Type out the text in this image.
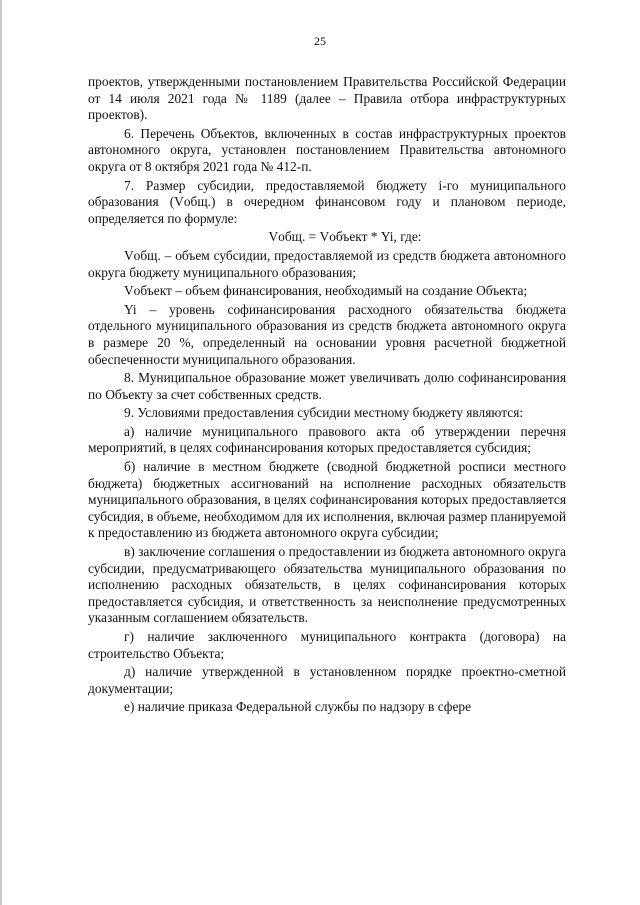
25

проектов, утвержденными постановлением Правительства Российской Федерации от 14 июля 2021 года № 1189 (далее – Правила отбора инфраструктурных проектов).

6. Перечень Объектов, включенных в состав инфраструктурных проектов автономного округа, установлен постановлением Правительства автономного округа от 8 октября 2021 года № 412-п.

7. Размер субсидии, предоставляемой бюджету i-го муниципального образования (Vобщ.) в очередном финансовом году и плановом периоде, определяется по формуле:

Vобщ. = Vобъект * Yi, где:

Vобщ. – объем субсидии, предоставляемой из средств бюджета автономного округа бюджету муниципального образования;

Vобъект – объем финансирования, необходимый на создание Объекта;

Yi – уровень софинансирования расходного обязательства бюджета отдельного муниципального образования из средств бюджета автономного округа в размере 20 %, определенный на основании уровня расчетной бюджетной обеспеченности муниципального образования.

8. Муниципальное образование может увеличивать долю софинансирования по Объекту за счет собственных средств.

9. Условиями предоставления субсидии местному бюджету являются:

а) наличие муниципального правового акта об утверждении перечня мероприятий, в целях софинансирования которых предоставляется субсидия;

б) наличие в местном бюджете (сводной бюджетной росписи местного бюджета) бюджетных ассигнований на исполнение расходных обязательств муниципального образования, в целях софинансирования которых предоставляется субсидия, в объеме, необходимом для их исполнения, включая размер планируемой к предоставлению из бюджета автономного округа субсидии;

в) заключение соглашения о предоставлении из бюджета автономного округа субсидии, предусматривающего обязательства муниципального образования по исполнению расходных обязательств, в целях софинансирования которых предоставляется субсидия, и ответственность за неисполнение предусмотренных указанным соглашением обязательств.

г) наличие заключенного муниципального контракта (договора) на строительство Объекта;

д) наличие утвержденной в установленном порядке проектно-сметной документации;

е) наличие приказа Федеральной службы по надзору в сфере
